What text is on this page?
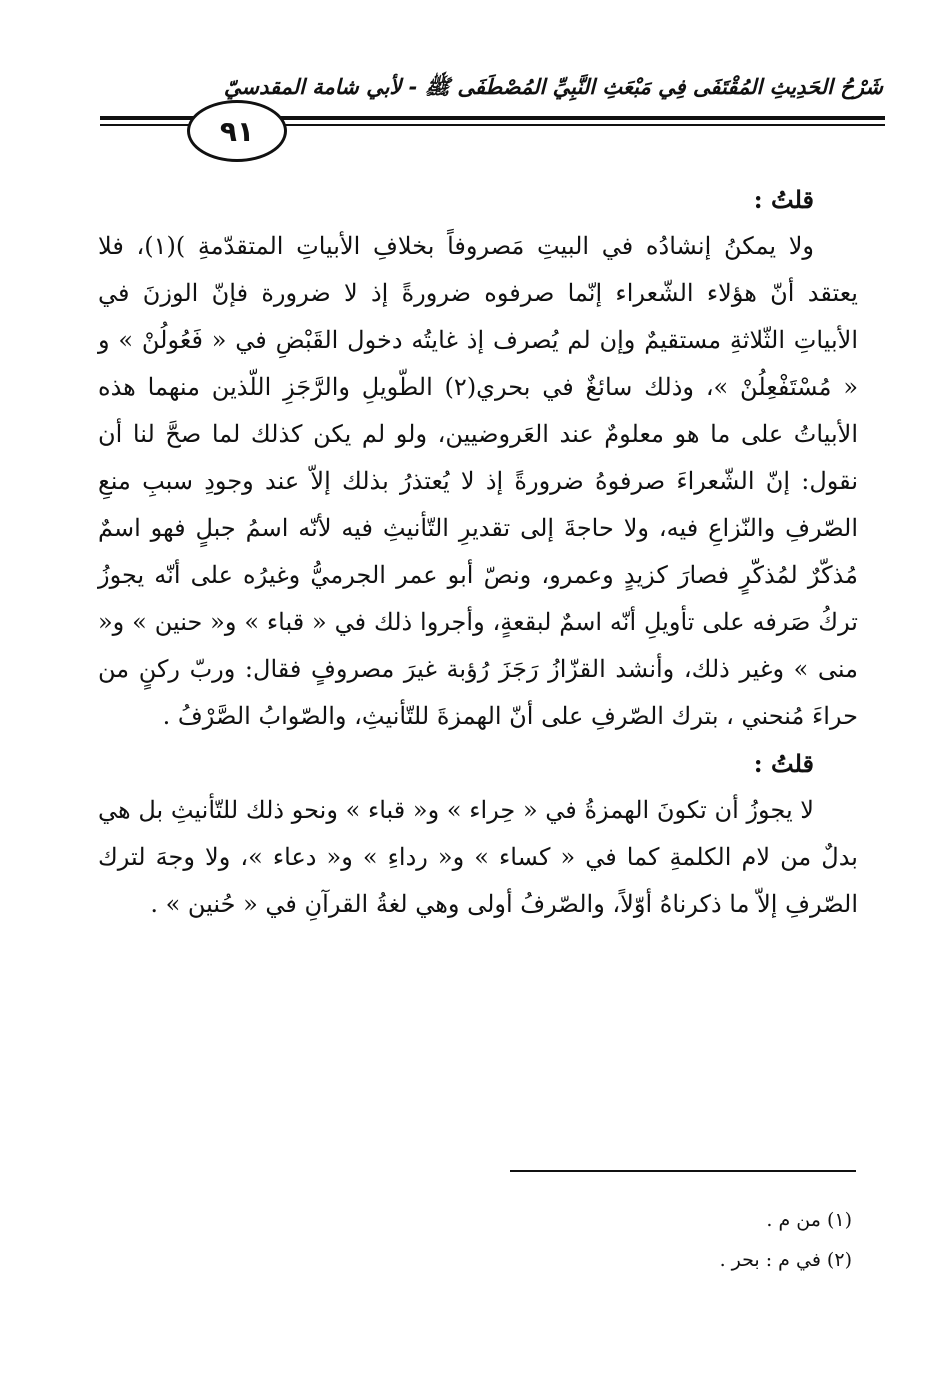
شَرْحُ الحَدِيثِ المُقْتَفَى فِي مَبْعَثِ النَّبِيِّ المُصْطَفَى ﷺ - لأبي شامة المقدسيّ
٩١

قلتُ :

ولا يمكنُ إنشادُه في البيتِ مَصروفاً بخلافِ الأبياتِ المتقدّمةِ )(١)، فلا يعتقد أنّ هؤلاء الشّعراء إنّما صرفوه ضرورةً إذ لا ضرورة فإنّ الوزنَ في الأبياتِ الثّلاثةِ مستقيمٌ وإن لم يُصرف إذ غايتُه دخول القَبْضِ في « فَعُولُنْ » و « مُسْتَفْعِلُنْ »، وذلك سائغٌ في بحري(٢) الطّويلِ والرَّجَزِ اللّذين منهما هذه الأبياتُ على ما هو معلومٌ عند العَروضيين، ولو لم يكن كذلك لما صحَّ لنا أن نقول: إنّ الشّعراءَ صرفوهُ ضرورةً إذ لا يُعتذرُ بذلك إلاّ عند وجودِ سببِ منعِ الصّرفِ والنّزاعِ فيه، ولا حاجةَ إلى تقديرِ التّأنيثِ فيه لأنّه اسمُ جبلٍ فهو اسمٌ مُذكّرٌ لمُذكّرٍ فصارَ كزيدٍ وعمرو، ونصّ أبو عمر الجرميُّ وغيرُه على أنّه يجوزُ تركُ صَرفه على تأويلِ أنّه اسمٌ لبقعةٍ، وأجروا ذلك في « قباء » و« حنين » و« منى » وغير ذلك، وأنشد القزّازُ رَجَزَ رُؤبة غيرَ مصروفٍ فقال: وربّ ركنٍ من حراءَ مُنحني ، بترك الصّرفِ على أنّ الهمزةَ للتّأنيثِ، والصّوابُ الصَّرْفُ .

قلتُ :

لا يجوزُ أن تكونَ الهمزةُ في « حِراء » و« قباء » ونحو ذلك للتّأنيثِ بل هي بدلٌ من لام الكلمةِ كما في « كساء » و« رداءِ » و« دعاء »، ولا وجهَ لترك الصّرفِ إلاّ ما ذكرناهُ أوّلاً، والصّرفُ أولى وهي لغةُ القرآنِ في « حُنين » .

(١) من م .

(٢) في م : بحر .
